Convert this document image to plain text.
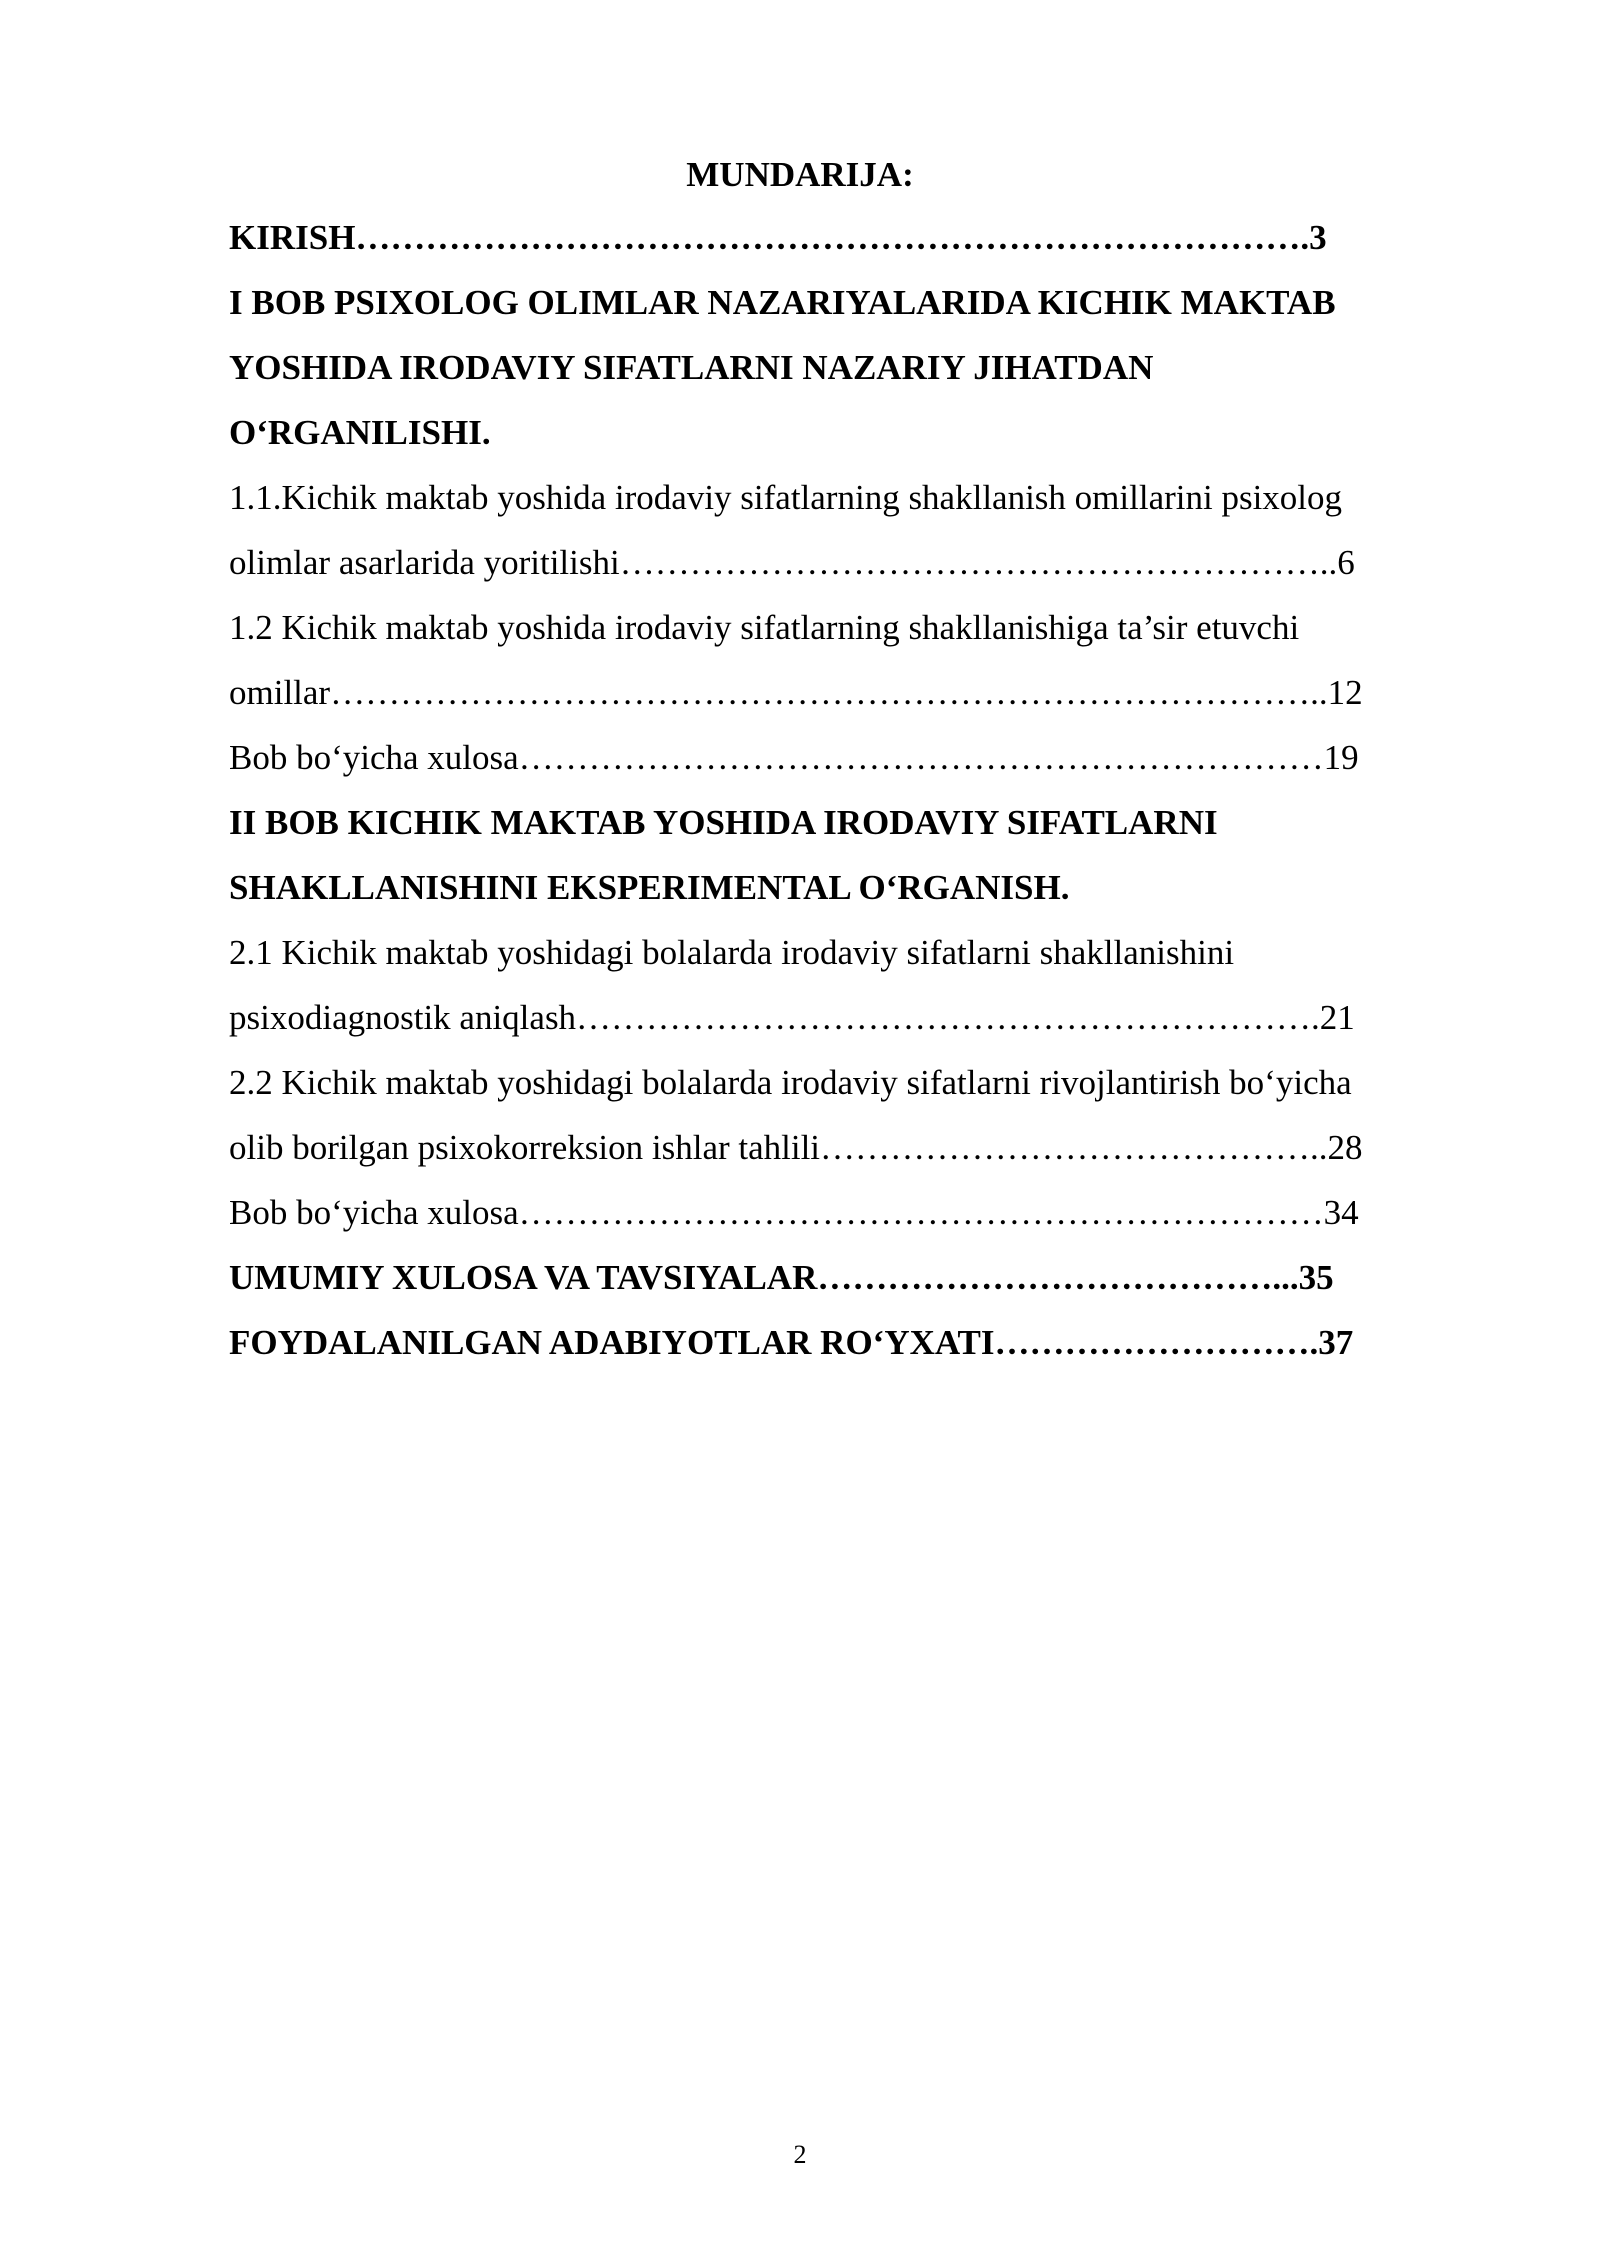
MUNDARIJA:
KIRISH……………………………………………………………………….3
I BOB PSIXOLOG OLIMLAR NAZARIYALARIDA KICHIK MAKTAB
YOSHIDA IRODAVIY SIFATLARNI NAZARIY JIHATDAN
O‘RGANILISHI.
1.1.Kichik maktab yoshida irodaviy sifatlarning shakllanish omillarini psixolog
olimlar asarlarida yoritilishi……………………………………………………..6
1.2 Kichik maktab yoshida irodaviy sifatlarning shakllanishiga ta’sir etuvchi
omillar…………………………………………………………………………..12
Bob bo‘yicha xulosa……………………………………………………………19
II BOB KICHIK MAKTAB YOSHIDA IRODAVIY SIFATLARNI
SHAKLLANISHINI EKSPERIMENTAL O‘RGANISH.
2.1 Kichik maktab yoshidagi bolalarda irodaviy sifatlarni shakllanishini
psixodiagnostik aniqlash……………………………………………………….21
2.2 Kichik maktab yoshidagi bolalarda irodaviy sifatlarni rivojlantirish bo‘yicha
olib borilgan psixokorreksion ishlar tahlili……………………………………..28
Bob bo‘yicha xulosa……………………………………………………………34
UMUMIY XULOSA VA TAVSIYALAR…………………………………...35
FOYDALANILGAN ADABIYOTLAR RO‘YXATI……………………….37
2
